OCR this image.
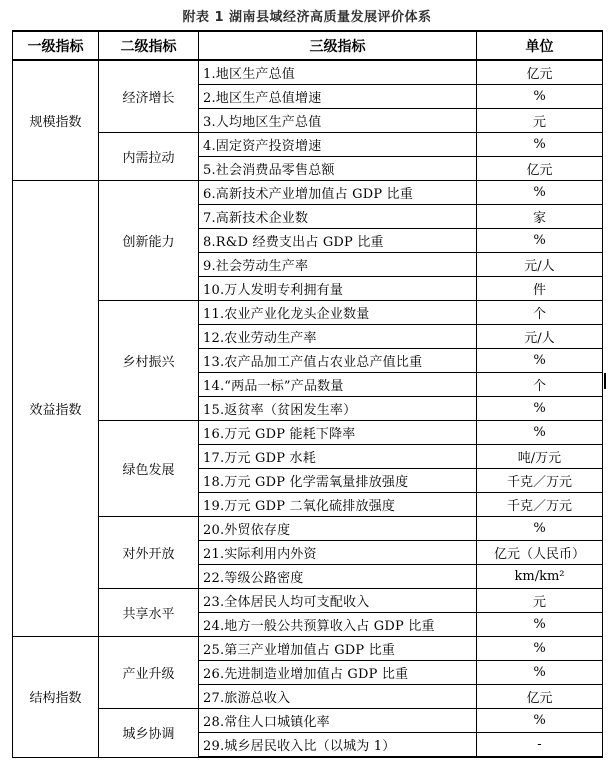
附表 1 湖南县域经济高质量发展评价体系
一级指标	二级指标	三级指标	单位
规模指数	经济增长	1.地区生产总值	亿元
		2.地区生产总值增速	%
		3.人均地区生产总值	元
	内需拉动	4.固定资产投资增速	%
		5.社会消费品零售总额	亿元
效益指数	创新能力	6.高新技术产业增加值占 GDP 比重	%
		7.高新技术企业数	家
		8.R&D 经费支出占 GDP 比重	%
		9.社会劳动生产率	元/人
		10.万人发明专利拥有量	件
	乡村振兴	11.农业产业化龙头企业数量	个
		12.农业劳动生产率	元/人
		13.农产品加工产值占农业总产值比重	%
		14.“两品一标”产品数量	个
		15.返贫率（贫困发生率）	%
	绿色发展	16.万元 GDP 能耗下降率	%
		17.万元 GDP 水耗	吨/万元
		18.万元 GDP 化学需氧量排放强度	千克／万元
		19.万元 GDP 二氧化硫排放强度	千克／万元
	对外开放	20.外贸依存度	%
		21.实际利用内外资	亿元（人民币）
		22.等级公路密度	km/km²
	共享水平	23.全体居民人均可支配收入	元
		24.地方一般公共预算收入占 GDP 比重	%
结构指数	产业升级	25.第三产业增加值占 GDP 比重	%
		26.先进制造业增加值占 GDP 比重	%
		27.旅游总收入	亿元
	城乡协调	28.常住人口城镇化率	%
		29.城乡居民收入比（以城为 1）	-
